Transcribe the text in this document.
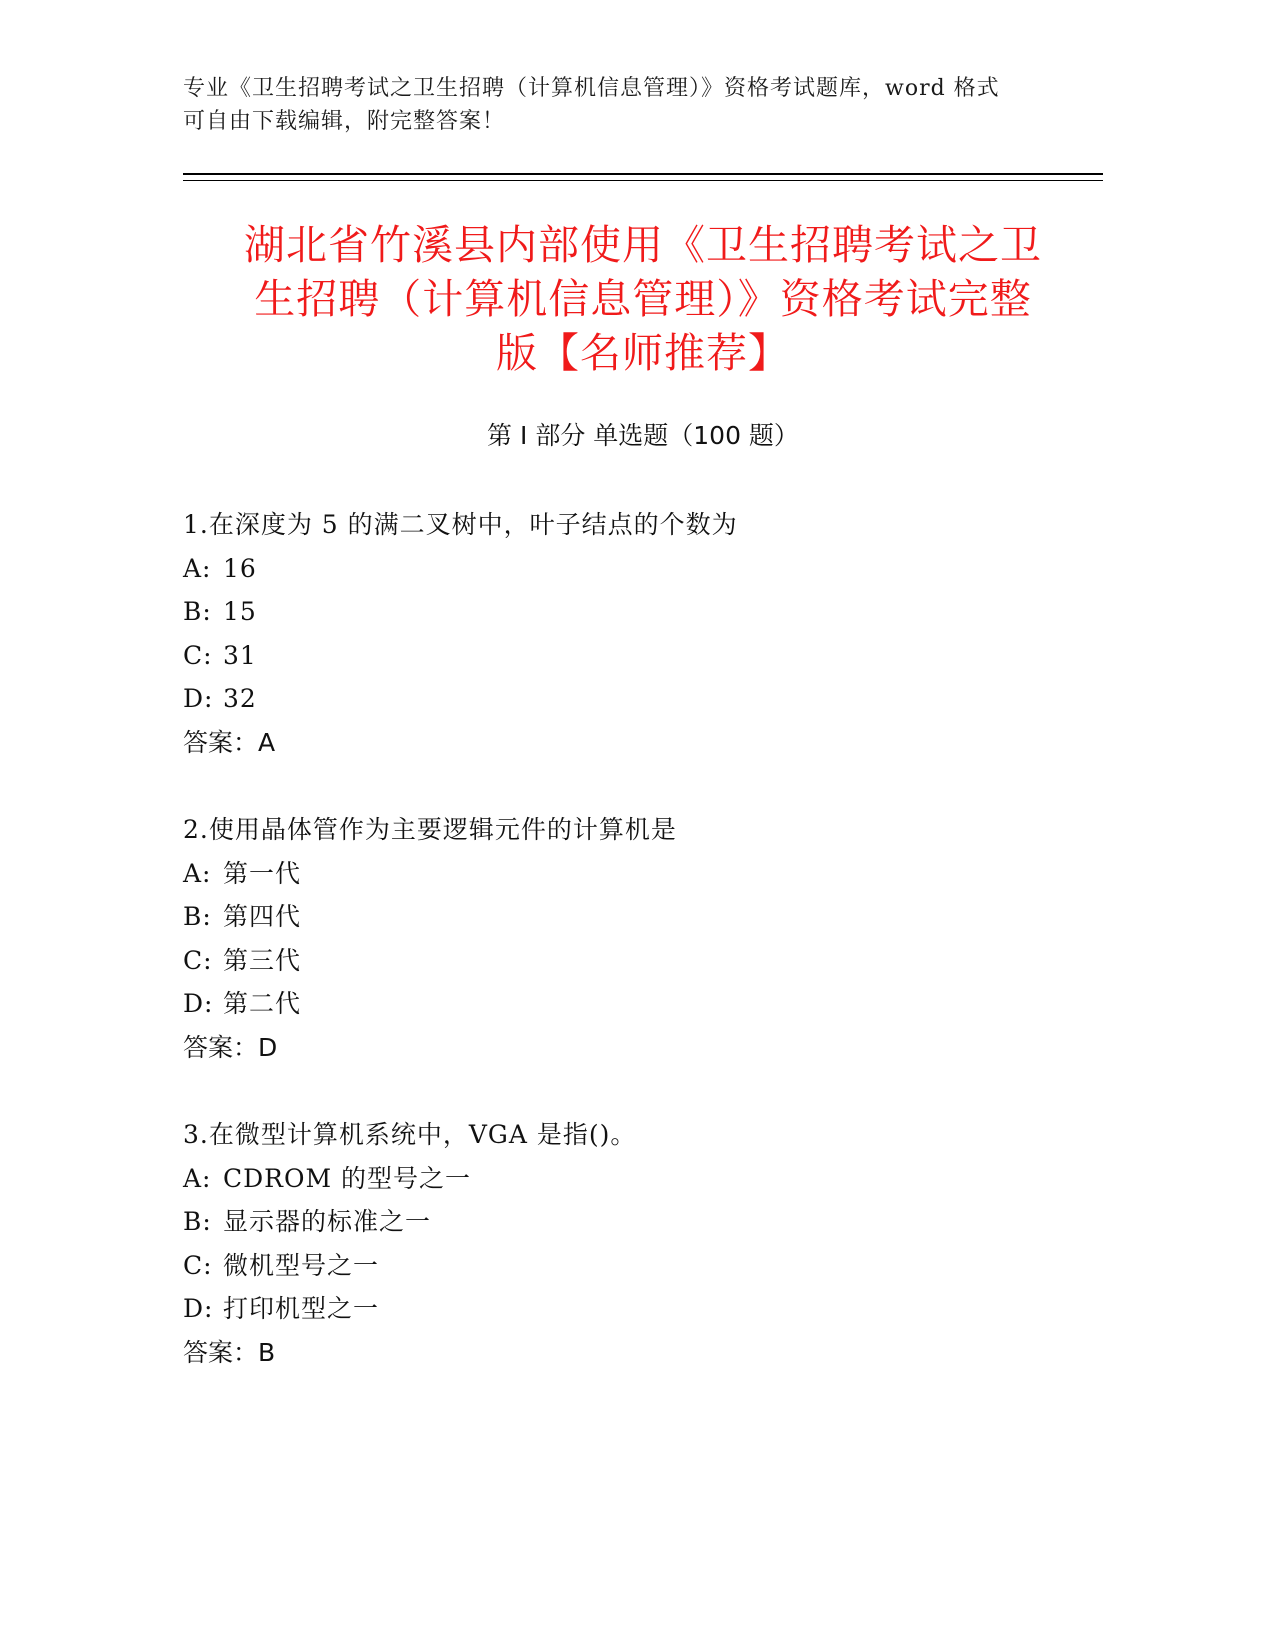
专业《卫生招聘考试之卫生招聘（计算机信息管理）》资格考试题库，word 格式
可自由下载编辑，附完整答案！
湖北省竹溪县内部使用《卫生招聘考试之卫
生招聘（计算机信息管理）》资格考试完整
版【名师推荐】
第 I 部分 单选题（100 题）
1.在深度为 5 的满二叉树中，叶子结点的个数为
A: 16
B: 15
C: 31
D: 32
答案：A
2.使用晶体管作为主要逻辑元件的计算机是
A: 第一代
B: 第四代
C: 第三代
D: 第二代
答案：D
3.在微型计算机系统中，VGA 是指()。
A: CDROM 的型号之一
B: 显示器的标准之一
C: 微机型号之一
D: 打印机型之一
答案：B
